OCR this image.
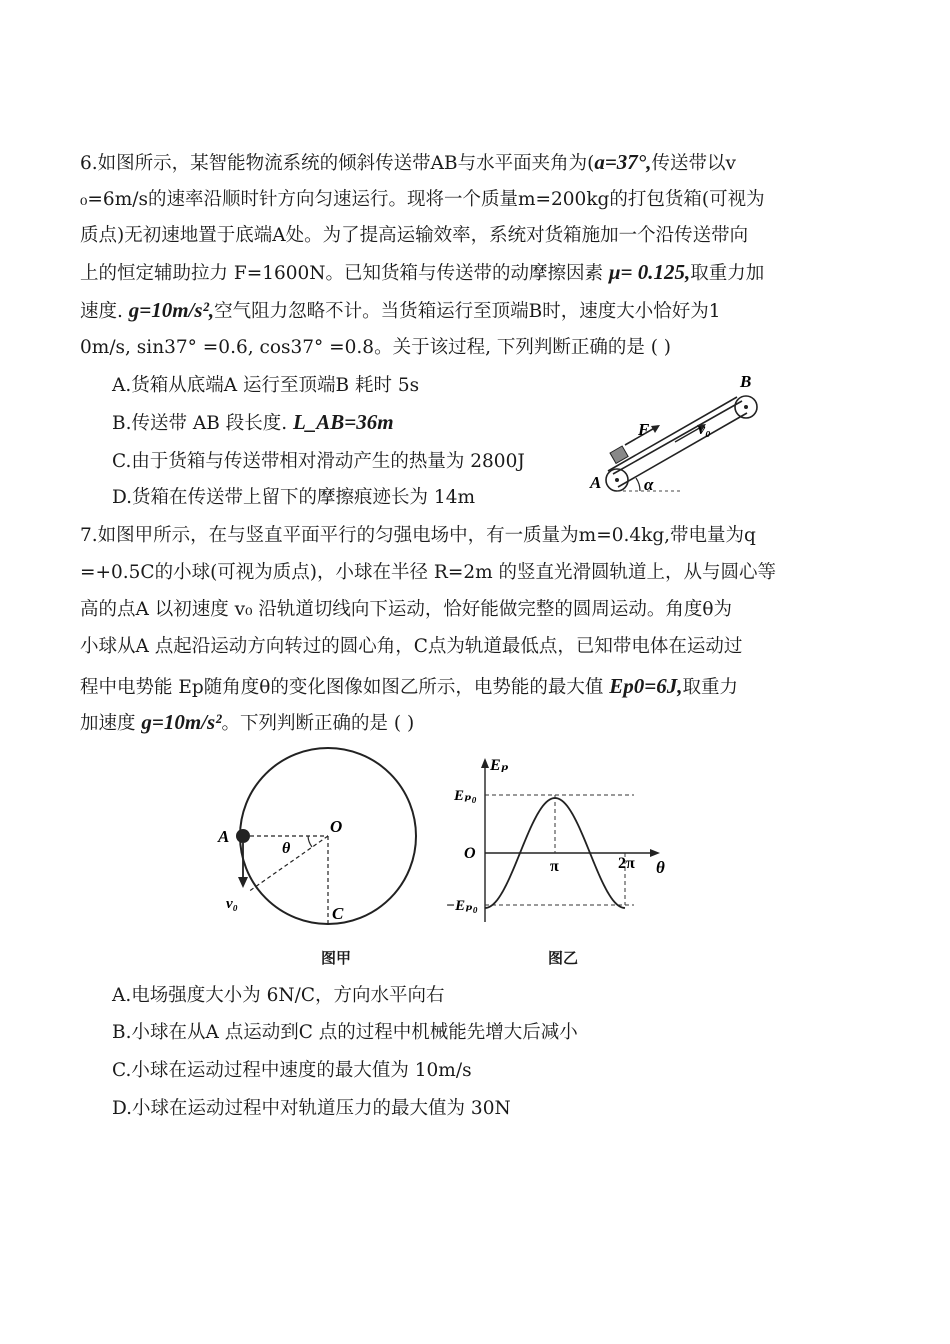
6.如图所示，某智能物流系统的倾斜传送带AB与水平面夹角为(a=37°,传送带以v
₀=6m/s的速率沿顺时针方向匀速运行。现将一个质量m=200kg的打包货箱(可视为
质点)无初速地置于底端A处。为了提高运输效率，系统对货箱施加一个沿传送带向
上的恒定辅助拉力 F=1600N。已知货箱与传送带的动摩擦因素 μ= 0.125,取重力加
速度. g=10m/s²,空气阻力忽略不计。当货箱运行至顶端B时，速度大小恰好为1
0m/s, sin37° =0.6, cos37° =0.8。关于该过程, 下列判断正确的是 ( )
A.货箱从底端A 运行至顶端B 耗时 5s
B.传送带 AB 段长度. L_AB=36m
C.由于货箱与传送带相对滑动产生的热量为 2800J
D.货箱在传送带上留下的摩擦痕迹长为 14m
A
B
F	v₀
α
7.如图甲所示，在与竖直平面平行的匀强电场中，有一质量为m=0.4kg,带电量为q
=+0.5C的小球(可视为质点)，小球在半径 R=2m 的竖直光滑圆轨道上，从与圆心等
高的点A 以初速度 v₀ 沿轨道切线向下运动，恰好能做完整的圆周运动。角度θ为
小球从A 点起沿运动方向转过的圆心角，C点为轨道最低点，已知带电体在运动过
程中电势能 Ep随角度θ的变化图像如图乙所示，电势能的最大值 Ep0=6J,取重力
加速度 g=10m/s²。下列判断正确的是 ( )
A
O
C
v₀
θ
图甲
Eₚ
Eₚ₀
O
−Eₚ₀
π	2π θ
图乙
A.电场强度大小为 6N/C，方向水平向右
B.小球在从A 点运动到C 点的过程中机械能先增大后减小
C.小球在运动过程中速度的最大值为 10m/s
D.小球在运动过程中对轨道压力的最大值为 30N
